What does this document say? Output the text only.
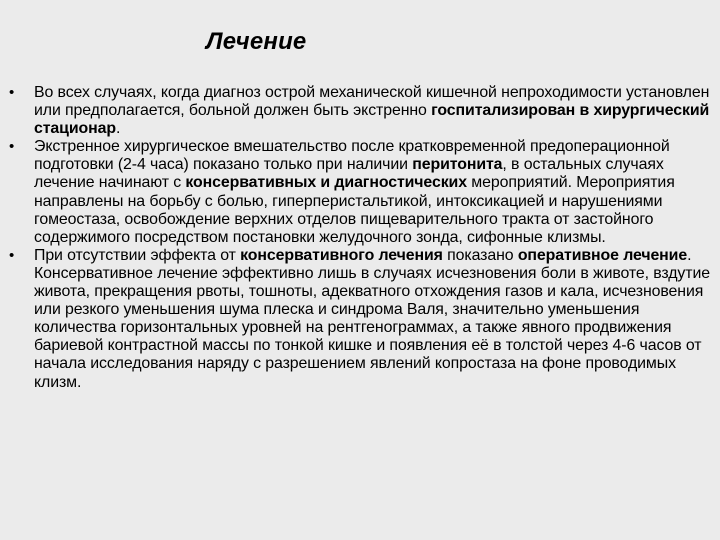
Лечение
• Во всех случаях, когда диагноз острой механической кишечной непроходимости установлен или предполагается, больной должен быть экстренно госпитализирован в хирургический стационар.
• Экстренное хирургическое вмешательство после кратковременной предоперационной подготовки (2-4 часа) показано только при наличии перитонита, в остальных случаях лечение начинают с консервативных и диагностических мероприятий. Мероприятия направлены на борьбу с болью, гиперперистальтикой, интоксикацией и нарушениями гомеостаза, освобождение верхних отделов пищеварительного тракта от застойного содержимого посредством постановки желудочного зонда, сифонные клизмы.
• При отсутствии эффекта от консервативного лечения показано оперативное лечение. Консервативное лечение эффективно лишь в случаях исчезновения боли в животе, вздутие живота, прекращения рвоты, тошноты, адекватного отхождения газов и кала, исчезновения или резкого уменьшения шума плеска и синдрома Валя, значительно уменьшения количества горизонтальных уровней на рентгенограммах, а также явного продвижения бариевой контрастной массы по тонкой кишке и появления её в толстой через 4-6 часов от начала исследования наряду с разрешением явлений копростаза на фоне проводимых клизм.
